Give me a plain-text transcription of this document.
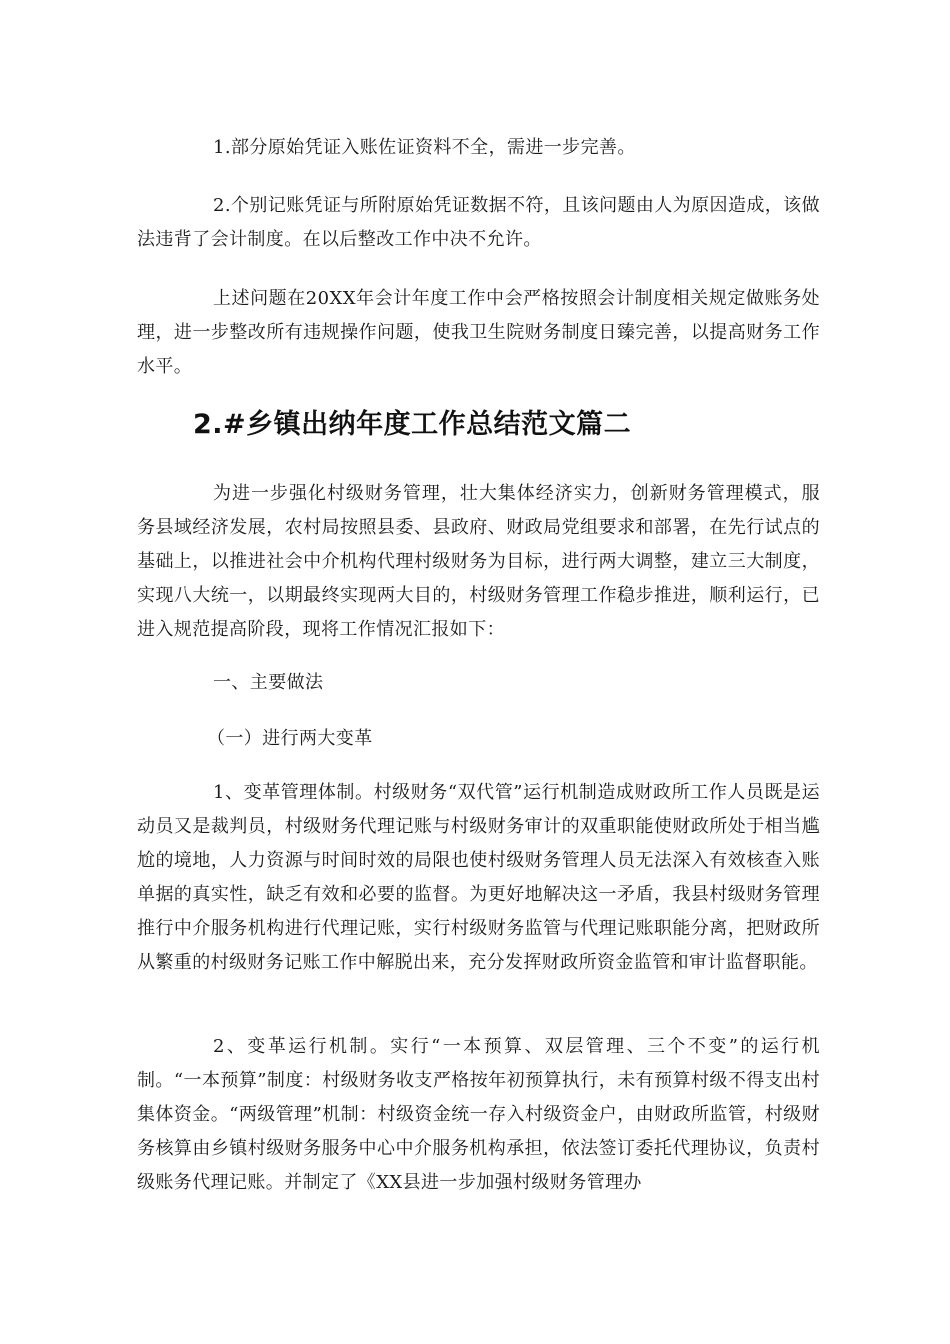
1.部分原始凭证入账佐证资料不全，需进一步完善。

2.个别记账凭证与所附原始凭证数据不符，且该问题由人为原因造成，该做法违背了会计制度。在以后整改工作中决不允许。

上述问题在20XX年会计年度工作中会严格按照会计制度相关规定做账务处理，进一步整改所有违规操作问题，使我卫生院财务制度日臻完善，以提高财务工作水平。

2.#乡镇出纳年度工作总结范文篇二

为进一步强化村级财务管理，壮大集体经济实力，创新财务管理模式，服务县域经济发展，农村局按照县委、县政府、财政局党组要求和部署，在先行试点的基础上，以推进社会中介机构代理村级财务为目标，进行两大调整，建立三大制度，实现八大统一，以期最终实现两大目的，村级财务管理工作稳步推进，顺利运行，已进入规范提高阶段，现将工作情况汇报如下：

一、主要做法

（一）进行两大变革

1、变革管理体制。村级财务“双代管”运行机制造成财政所工作人员既是运动员又是裁判员，村级财务代理记账与村级财务审计的双重职能使财政所处于相当尴尬的境地，人力资源与时间时效的局限也使村级财务管理人员无法深入有效核查入账单据的真实性，缺乏有效和必要的监督。为更好地解决这一矛盾，我县村级财务管理推行中介服务机构进行代理记账，实行村级财务监管与代理记账职能分离，把财政所从繁重的村级财务记账工作中解脱出来，充分发挥财政所资金监管和审计监督职能。

2、变革运行机制。实行“一本预算、双层管理、三个不变”的运行机制。“一本预算”制度：村级财务收支严格按年初预算执行，未有预算村级不得支出村集体资金。“两级管理”机制：村级资金统一存入村级资金户，由财政所监管，村级财务核算由乡镇村级财务服务中心中介服务机构承担，依法签订委托代理协议，负责村级账务代理记账。并制定了《XX县进一步加强村级财务管理办
